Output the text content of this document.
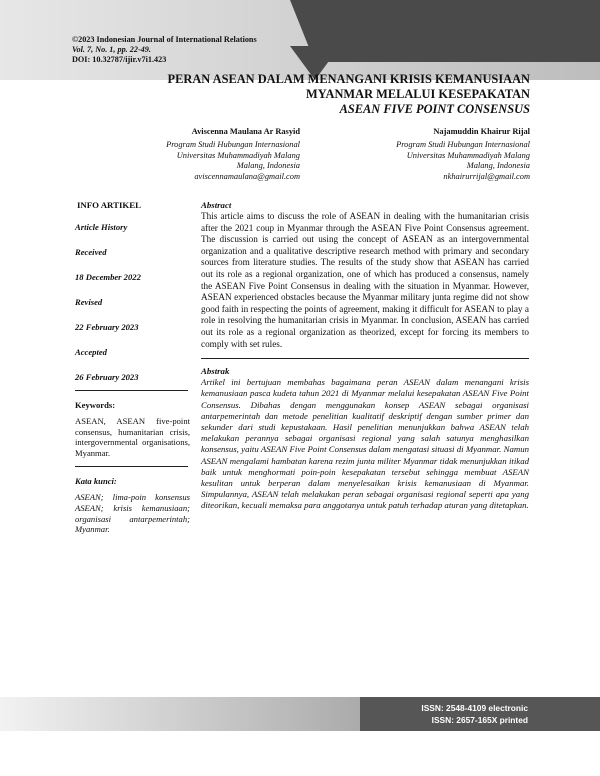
©2023 Indonesian Journal of International Relations
Vol. 7, No. 1, pp. 22-49.
DOI: 10.32787/ijir.v7i1.423
PERAN ASEAN DALAM MENANGANI KRISIS KEMANUSIAAN
MYANMAR MELALUI KESEPAKATAN
ASEAN FIVE POINT CONSENSUS
Aviscenna Maulana Ar Rasyid
Program Studi Hubungan Internasional
Universitas Muhammadiyah Malang
Malang, Indonesia
aviscennamaulana@gmail.com
Najamuddin Khairur Rijal
Program Studi Hubungan Internasional
Universitas Muhammadiyah Malang
Malang, Indonesia
nkhairurrijal@gmail.com
INFO ARTIKEL
Article History
Received
18 December 2022
Revised
22 February 2023
Accepted
26 February 2023
Keywords:
ASEAN, ASEAN five-point consensus, humanitarian crisis, intergovernmental organisations, Myanmar.
Kata kunci:
ASEAN; lima-poin konsensus ASEAN; krisis kemanusiaan; organisasi antarpemerintah; Myanmar.
Abstract

This article aims to discuss the role of ASEAN in dealing with the humanitarian crisis after the 2021 coup in Myanmar through the ASEAN Five Point Consensus agreement. The discussion is carried out using the concept of ASEAN as an intergovernmental organization and a qualitative descriptive research method with primary and secondary sources from literature studies. The results of the study show that ASEAN has carried out its role as a regional organization, one of which has produced a consensus, namely the ASEAN Five Point Consensus in dealing with the situation in Myanmar. However, ASEAN experienced obstacles because the Myanmar military junta regime did not show good faith in respecting the points of agreement, making it difficult for ASEAN to play a role in resolving the humanitarian crisis in Myanmar. In conclusion, ASEAN has carried out its role as a regional organization as theorized, except for forcing its members to comply with set rules.

Abstrak

Artikel ini bertujuan membahas bagaimana peran ASEAN dalam menangani krisis kemanusiaan pasca kudeta tahun 2021 di Myanmar melalui kesepakatan ASEAN Five Point Consensus. Dibahas dengan menggunakan konsep ASEAN sebagai organisasi antarpemerintah dan metode penelitian kualitatif deskriptif dengan sumber primer dan sekunder dari studi kepustakaan. Hasil penelitian menunjukkan bahwa ASEAN telah melakukan perannya sebagai organisasi regional yang salah satunya menghasilkan konsensus, yaitu ASEAN Five Point Consensus dalam mengatasi situasi di Myanmar. Namun ASEAN mengalami hambatan karena rezim junta militer Myanmar tidak menunjukkan itikad baik untuk menghormati poin-poin kesepakatan tersebut sehingga membuat ASEAN kesulitan untuk berperan dalam menyelesaikan krisis kemanusiaan di Myanmar. Simpulannya, ASEAN telah melakukan peran sebagai organisasi regional seperti apa yang diteorikan, kecuali memaksa para anggotanya untuk patuh terhadap aturan yang ditetapkan.

ISSN: 2548-4109 electronic
ISSN: 2657-165X printed
